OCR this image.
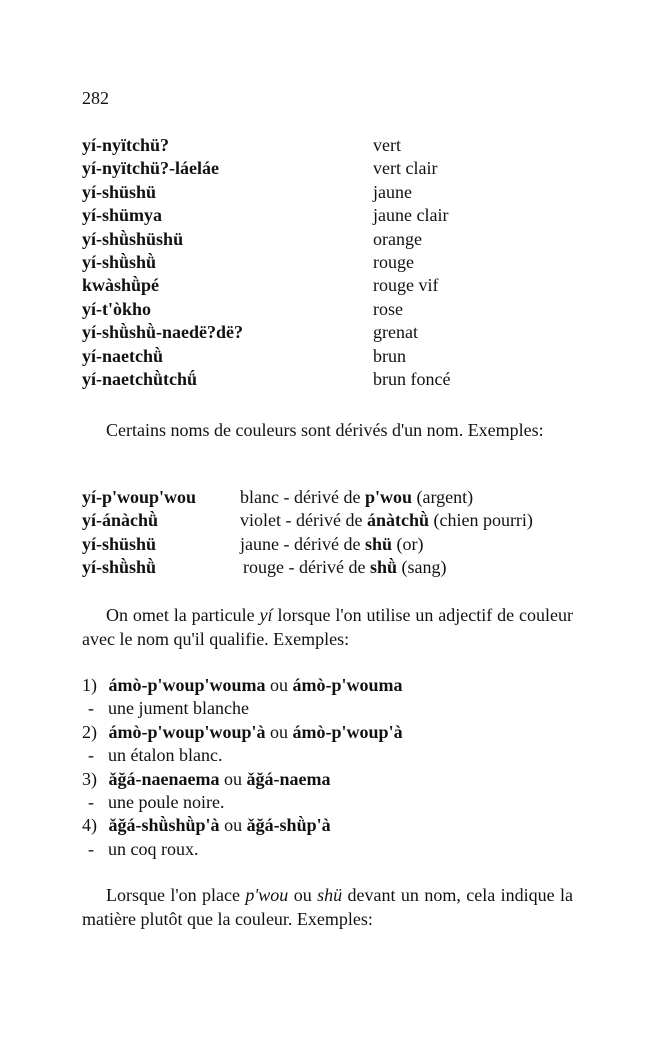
282
yí-nyïtchü?	vert
yí-nyïtchü?-láeláe	vert clair
yí-shüshü	jaune
yí-shümya	jaune clair
yí-shǜshüshü	orange
yí-shǜshǜ	rouge
kwàshǜpé	rouge vif
yí-t'òkho	rose
yí-shǜshǜ-naedë?dë?	grenat
yí-naetchǜ	brun
yí-naetchǜtchǘ	brun foncé
Certains noms de couleurs sont dérivés d'un nom. Exemples:
yí-p'woup'wou blanc - dérivé de p'wou (argent)
yí-ánàchǜ	violet - dérivé de ánàtchǜ (chien pourri)
yí-shüshü	jaune - dérivé de shü (or)
yí-shǜshǜ	rouge - dérivé de shǜ (sang)
On omet la particule yí lorsque l'on utilise un adjectif de couleur avec le nom qu'il qualifie. Exemples:
1) ámò-p'woup'wouma ou ámò-p'wouma
- une jument blanche
2) ámò-p'woup'woup'à ou ámò-p'woup'à
- un étalon blanc.
3) ǎğá-naenaema ou ǎğá-naema
- une poule noire.
4) ǎğá-shǜshǜp'à ou ǎğá-shǜp'à
- un coq roux.
Lorsque l'on place p'wou ou shü devant un nom, cela indique la matière plutôt que la couleur. Exemples:
